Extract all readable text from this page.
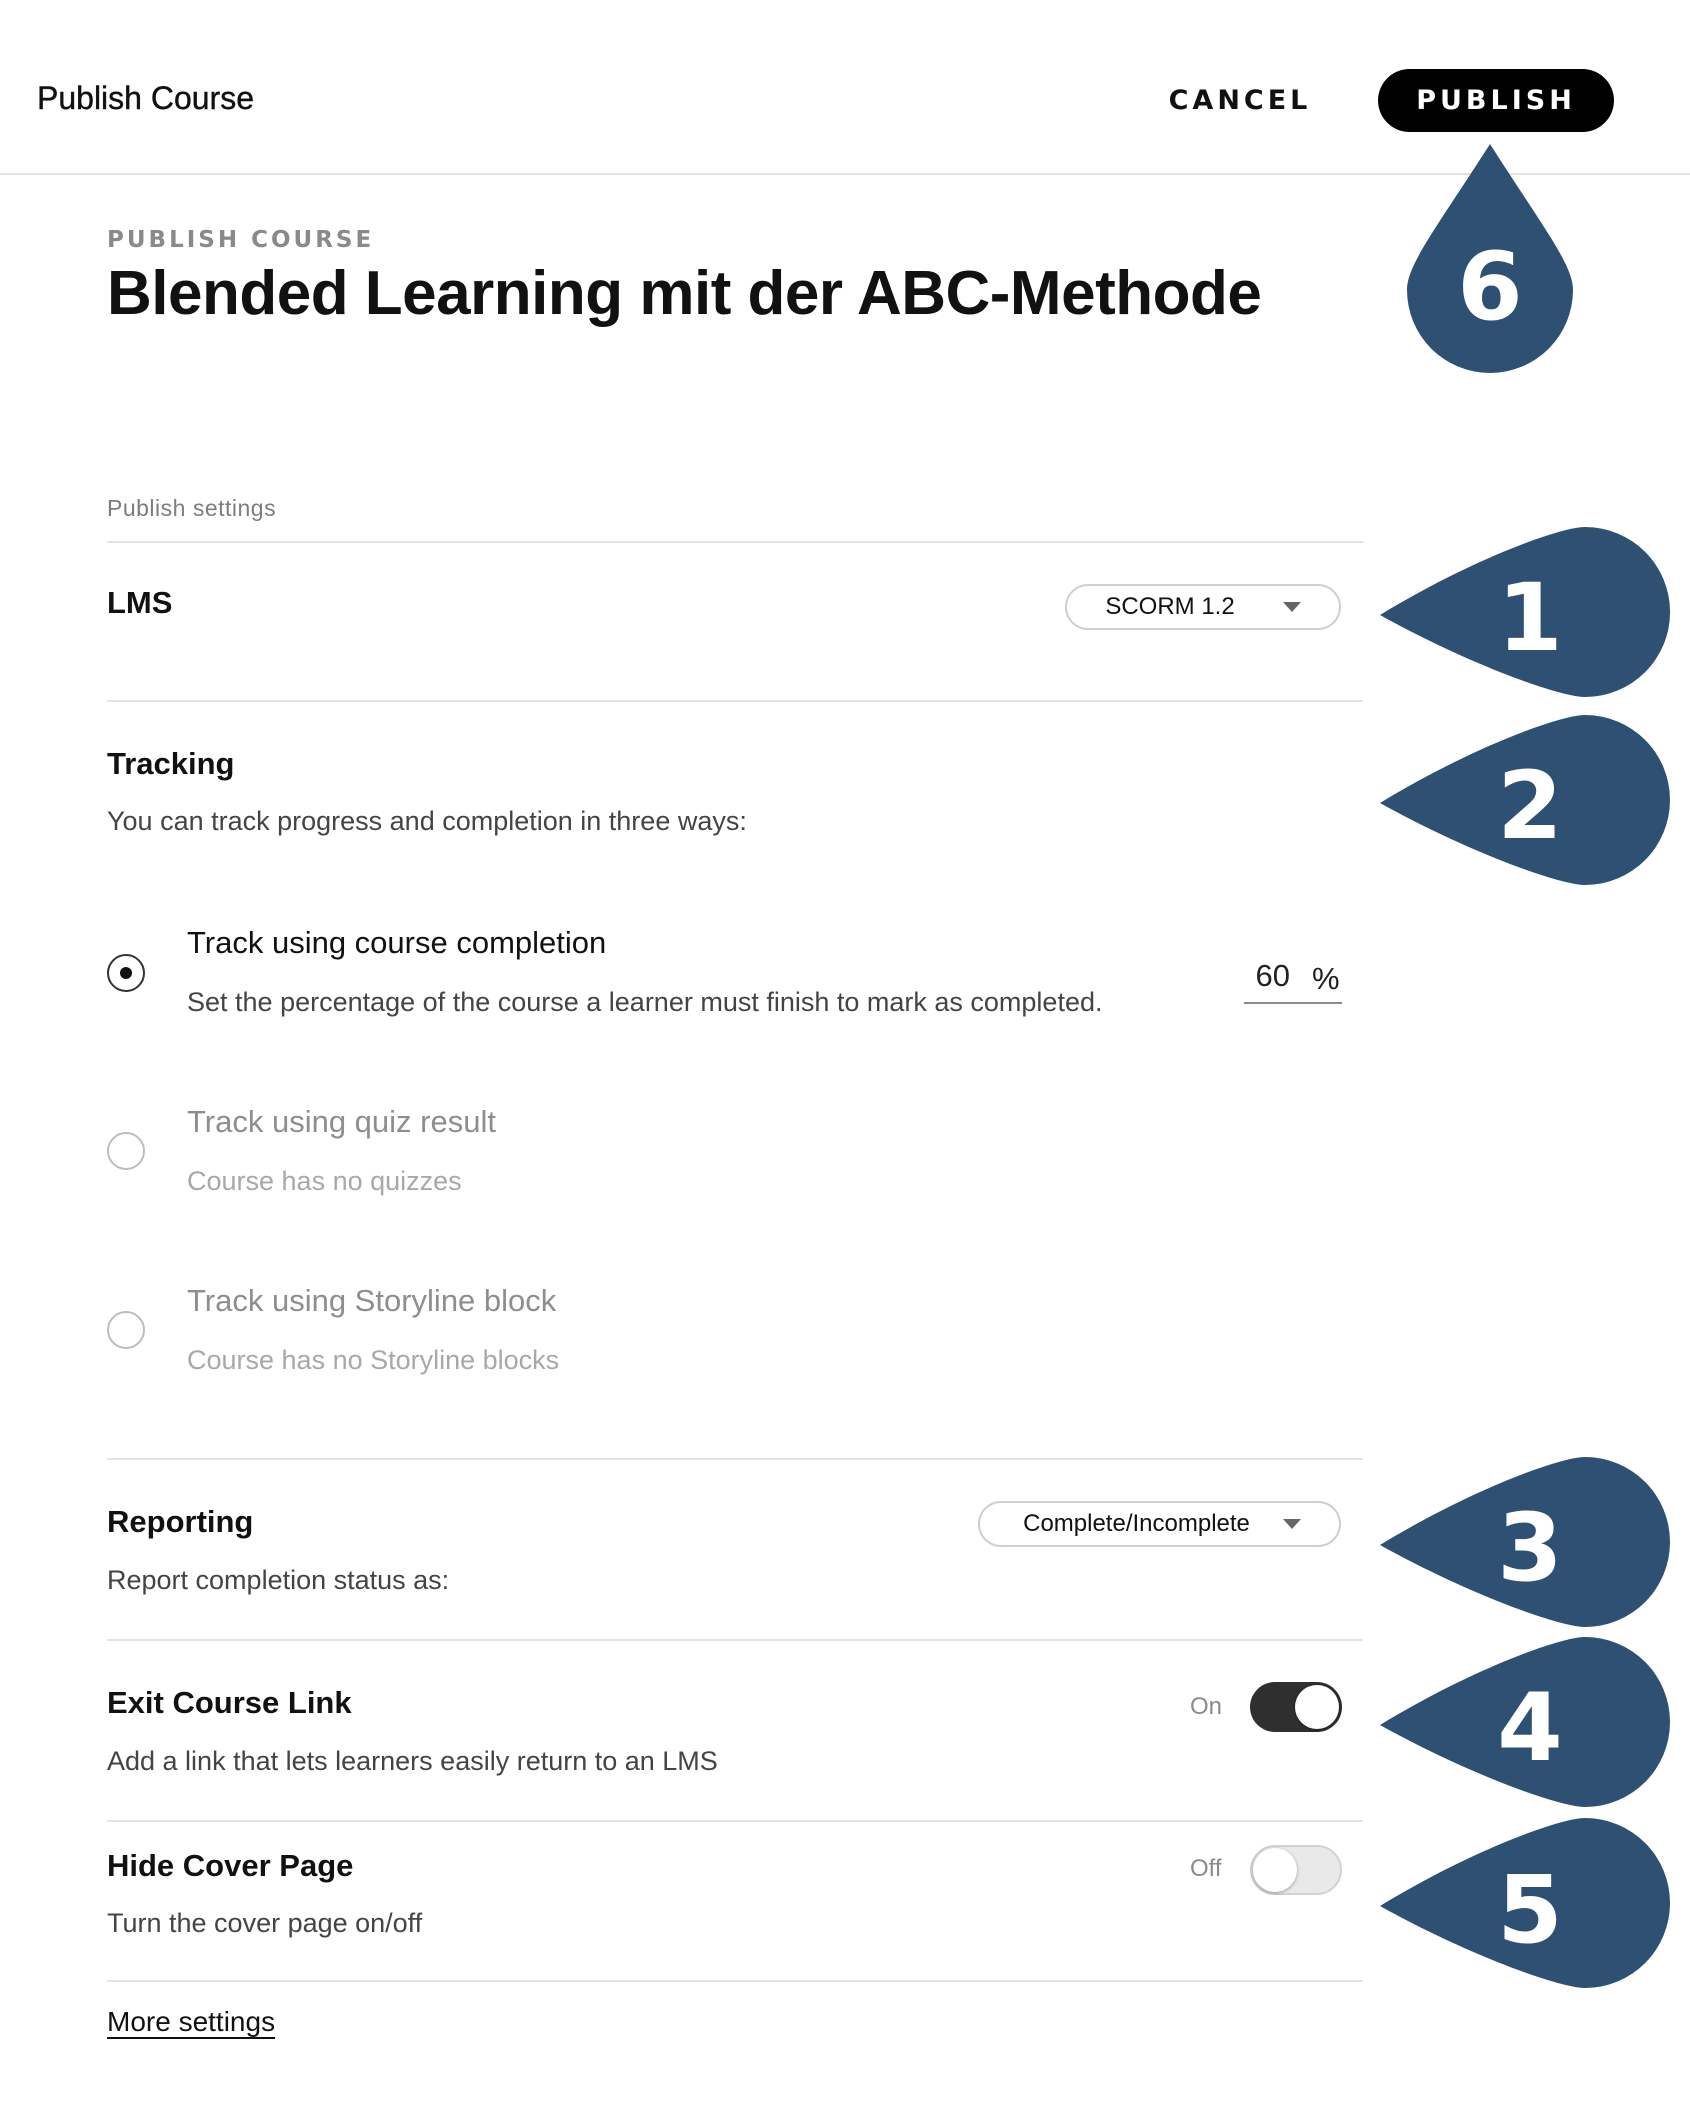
Publish Course	CANCEL	PUBLISH
PUBLISH COURSE
Blended Learning mit der ABC-Methode
Publish settings
LMS	SCORM 1.2
Tracking
You can track progress and completion in three ways:
Track using course completion
Set the percentage of the course a learner must finish to mark as completed.
60
%
Track using quiz result
Course has no quizzes
Track using Storyline block
Course has no Storyline blocks
Reporting
Report completion status as:
Complete/Incomplete
Exit Course Link
Add a link that lets learners easily return to an LMS
On
Hide Cover Page
Turn the cover page on/off
Off
More settings
1
2
3
4
5
6
